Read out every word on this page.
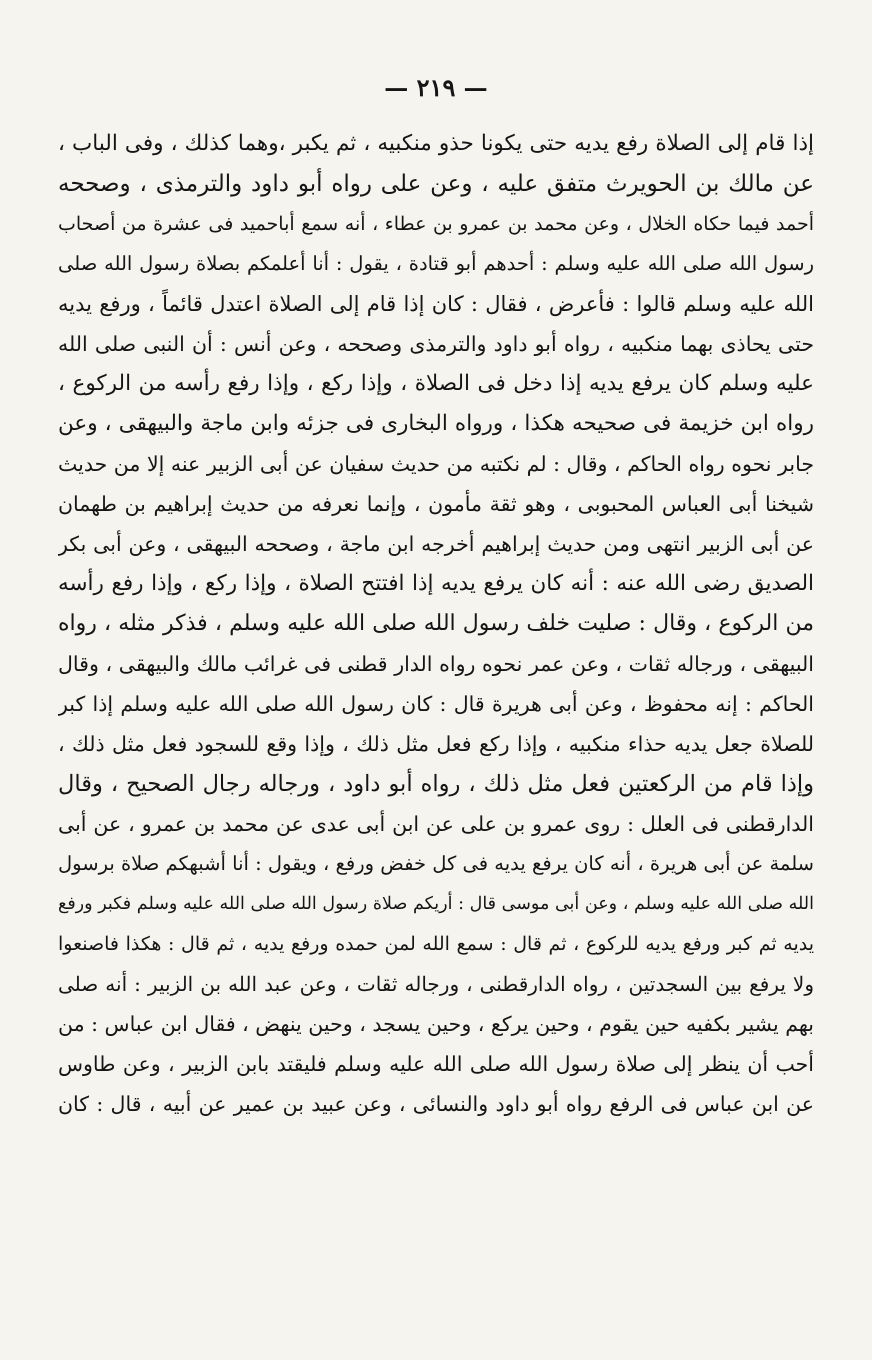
— ٢١٩ —
إذا قام إلى الصلاة رفع يديه حتى يكونا حذو منكبيه ، ثم يكبر ،وهما كذلك ، وفى الباب ،
عن مالك بن الحويرث متفق عليه ، وعن على رواه أبو داود والترمذى ، وصححه
أحمد فيما حكاه الخلال ، وعن محمد بن عمرو بن عطاء ، أنه سمع أباحميد فى عشرة من أصحاب
رسول الله صلى الله عليه وسلم : أحدهم أبو قتادة ، يقول : أنا أعلمكم بصلاة رسول الله صلى
الله عليه وسلم قالوا : فأعرض ، فقال : كان إذا قام إلى الصلاة اعتدل قائماً ، ورفع يديه
حتى يحاذى بهما منكبيه ، رواه أبو داود والترمذى وصححه ، وعن أنس : أن النبى صلى الله
عليه وسلم كان يرفع يديه إذا دخل فى الصلاة ، وإذا ركع ، وإذا رفع رأسه من الركوع ،
رواه ابن خزيمة فى صحيحه هكذا ، ورواه البخارى فى جزئه وابن ماجة والبيهقى ، وعن
جابر نحوه رواه الحاكم ، وقال : لم نكتبه من حديث سفيان عن أبى الزبير عنه إلا من حديث
شيخنا أبى العباس المحبوبى ، وهو ثقة مأمون ، وإنما نعرفه من حديث إبراهيم بن طهمان
عن أبى الزبير انتهى ومن حديث إبراهيم أخرجه ابن ماجة ، وصححه البيهقى ، وعن أبى بكر
الصديق رضى الله عنه : أنه كان يرفع يديه إذا افتتح الصلاة ، وإذا ركع ، وإذا رفع رأسه
من الركوع ، وقال : صليت خلف رسول الله صلى الله عليه وسلم ، فذكر مثله ، رواه
البيهقى ، ورجاله ثقات ، وعن عمر نحوه رواه الدار قطنى فى غرائب مالك والبيهقى ، وقال
الحاكم : إنه محفوظ ، وعن أبى هريرة قال : كان رسول الله صلى الله عليه وسلم إذا كبر
للصلاة جعل يديه حذاء منكبيه ، وإذا ركع فعل مثل ذلك ، وإذا وقع للسجود فعل مثل ذلك ،
وإذا قام من الركعتين فعل مثل ذلك ، رواه أبو داود ، ورجاله رجال الصحيح ، وقال
الدارقطنى فى العلل : روى عمرو بن على عن ابن أبى عدى عن محمد بن عمرو ، عن أبى
سلمة عن أبى هريرة ، أنه كان يرفع يديه فى كل خفض ورفع ، ويقول : أنا أشبهكم صلاة برسول
الله صلى الله عليه وسلم ، وعن أبى موسى قال : أريكم صلاة رسول الله صلى الله عليه وسلم فكبر ورفع
يديه ثم كبر ورفع يديه للركوع ، ثم قال : سمع الله لمن حمده ورفع يديه ، ثم قال : هكذا فاصنعوا
ولا يرفع بين السجدتين ، رواه الدارقطنى ، ورجاله ثقات ، وعن عبد الله بن الزبير : أنه صلى
بهم يشير بكفيه حين يقوم ، وحين يركع ، وحين يسجد ، وحين ينهض ، فقال ابن عباس : من
أحب أن ينظر إلى صلاة رسول الله صلى الله عليه وسلم فليقتد بابن الزبير ، وعن طاوس
عن ابن عباس فى الرفع رواه أبو داود والنسائى ، وعن عبيد بن عمير عن أبيه ، قال : كان
